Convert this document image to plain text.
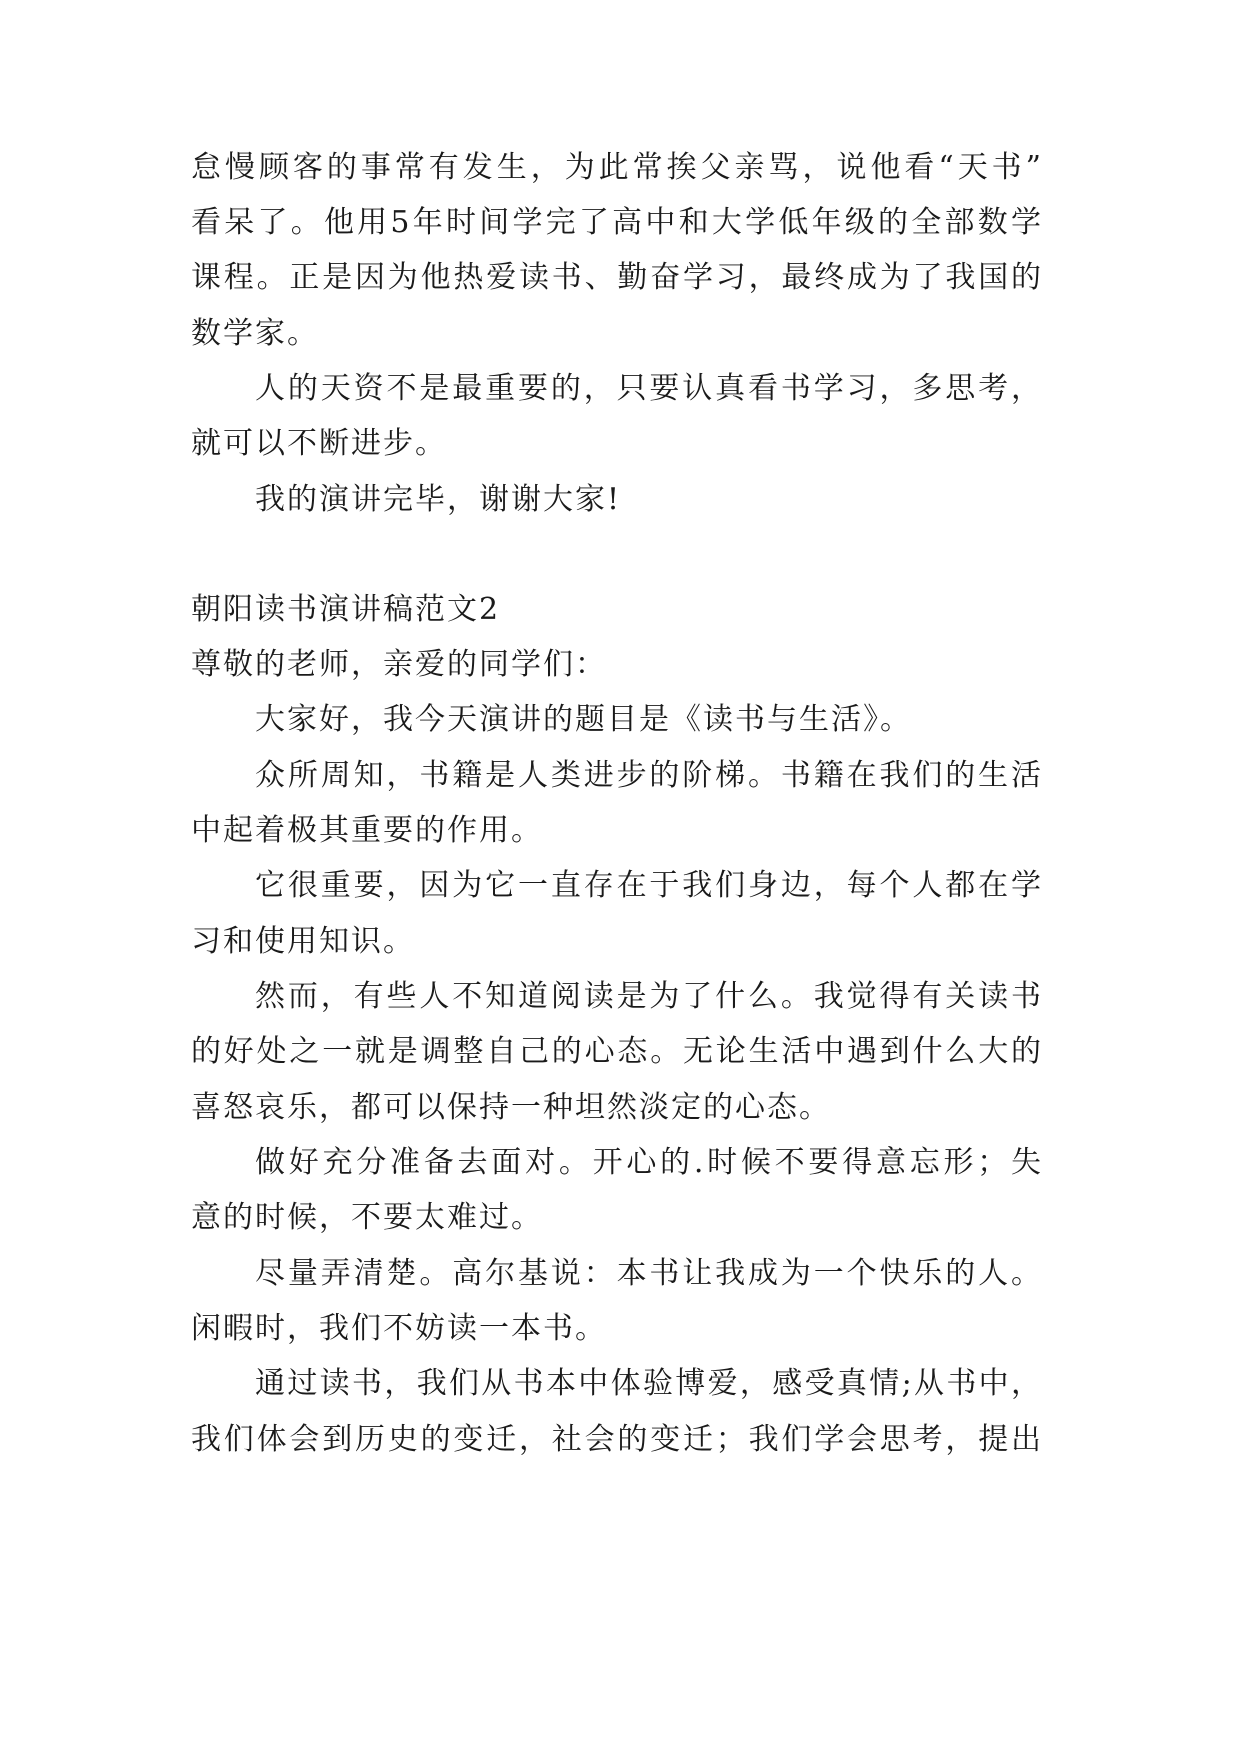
怠慢顾客的事常有发生，为此常挨父亲骂，说他看“天书”
看呆了。他用5年时间学完了高中和大学低年级的全部数学
课程。正是因为他热爱读书、勤奋学习，最终成为了我国的
数学家。
人的天资不是最重要的，只要认真看书学习，多思考，
就可以不断进步。
我的演讲完毕，谢谢大家!
朝阳读书演讲稿范文2
尊敬的老师，亲爱的同学们：
大家好，我今天演讲的题目是《读书与生活》。
众所周知，书籍是人类进步的阶梯。书籍在我们的生活
中起着极其重要的作用。
它很重要，因为它一直存在于我们身边，每个人都在学
习和使用知识。
然而，有些人不知道阅读是为了什么。我觉得有关读书
的好处之一就是调整自己的心态。无论生活中遇到什么大的
喜怒哀乐，都可以保持一种坦然淡定的心态。
做好充分准备去面对。开心的.时候不要得意忘形；失
意的时候，不要太难过。
尽量弄清楚。高尔基说：本书让我成为一个快乐的人。
闲暇时，我们不妨读一本书。
通过读书，我们从书本中体验博爱，感受真情;从书中，
我们体会到历史的变迁，社会的变迁；我们学会思考，提出
